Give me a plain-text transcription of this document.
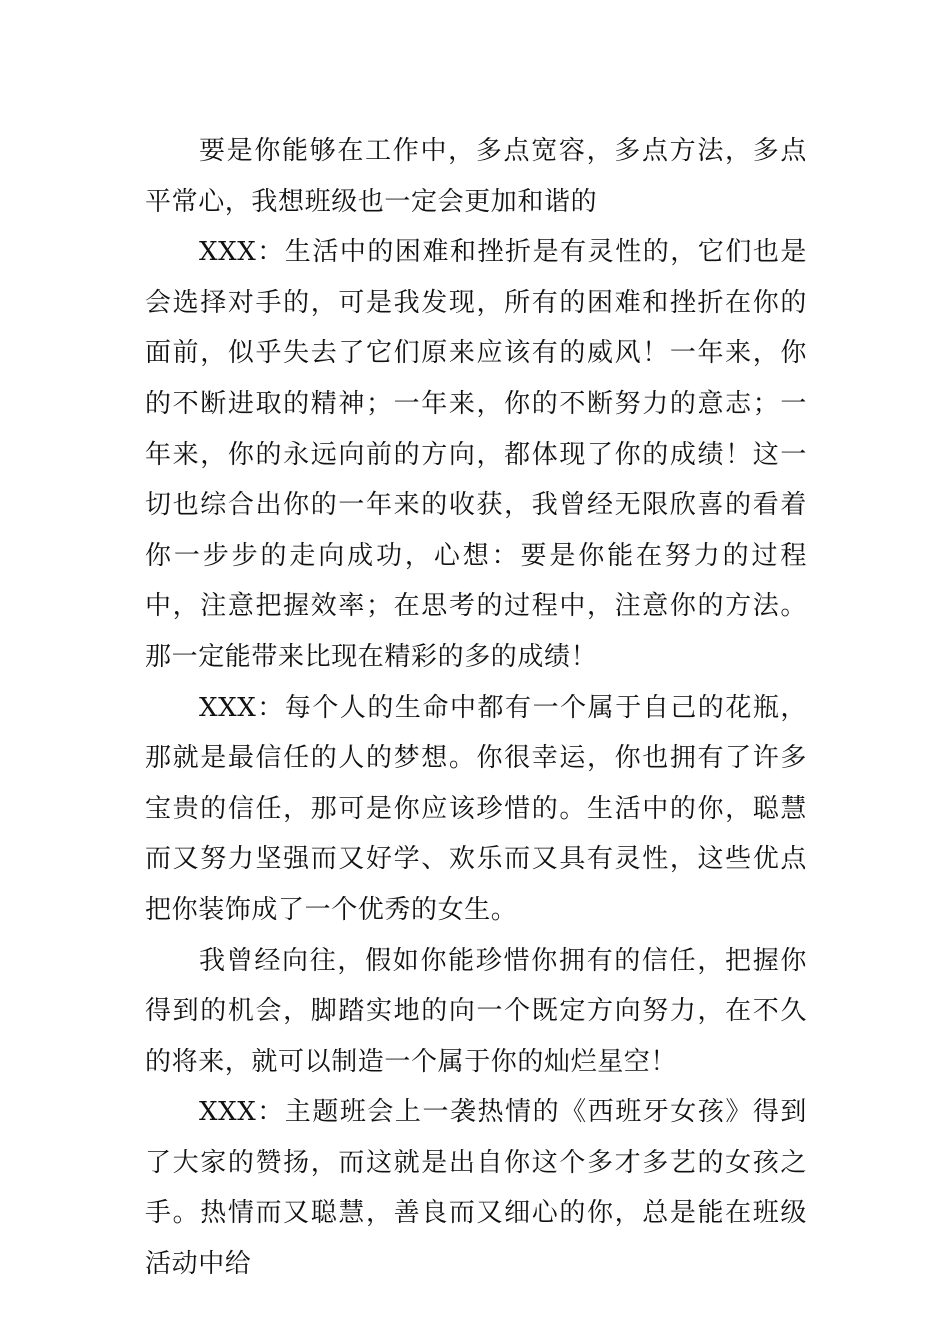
要是你能够在工作中，多点宽容，多点方法，多点平常心，我想班级也一定会更加和谐的

XXX：生活中的困难和挫折是有灵性的，它们也是会选择对手的，可是我发现，所有的困难和挫折在你的面前，似乎失去了它们原来应该有的威风！一年来，你的不断进取的精神；一年来，你的不断努力的意志；一年来，你的永远向前的方向，都体现了你的成绩！这一切也综合出你的一年来的收获，我曾经无限欣喜的看着你一步步的走向成功，心想：要是你能在努力的过程中，注意把握效率；在思考的过程中，注意你的方法。那一定能带来比现在精彩的多的成绩！

XXX：每个人的生命中都有一个属于自己的花瓶，那就是最信任的人的梦想。你很幸运，你也拥有了许多宝贵的信任，那可是你应该珍惜的。生活中的你，聪慧而又努力坚强而又好学、欢乐而又具有灵性，这些优点把你装饰成了一个优秀的女生。

我曾经向往，假如你能珍惜你拥有的信任，把握你得到的机会，脚踏实地的向一个既定方向努力，在不久的将来，就可以制造一个属于你的灿烂星空！

XXX：主题班会上一袭热情的《西班牙女孩》得到了大家的赞扬，而这就是出自你这个多才多艺的女孩之手。热情而又聪慧，善良而又细心的你，总是能在班级活动中给
